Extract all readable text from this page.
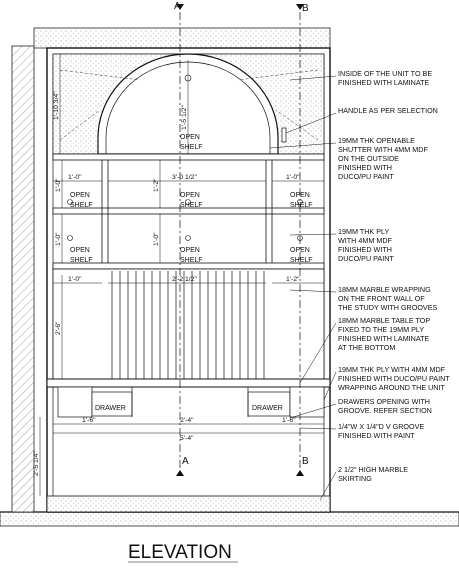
A	B
A	B
OPEN
SHELF
OPEN
SHELF
OPEN
SHELF
OPEN
SHELF
OPEN
SHELF
OPEN
SHELF
OPEN
SHELF
DRAWER	DRAWER
1'-10 3/4"	1'-5 1/2"
1'-0"
1'-0"
1'-2"
3'-0 1/2"	1'-0"
1'-0"	1'-0"
1'-0"	2'-2 1/2"	1'-2"
2'-6"
1'-6"	2'-4"	1'-6"
5'-4"
2'-5 1/4"
INSIDE OF THE UNIT TO BE FINISHED WITH LAMINATE
HANDLE AS PER SELECTION
19MM THK OPENABLE SHUTTER WITH 4MM MDF ON THE OUTSIDE FINISHED WITH DUCO/PU PAINT
19MM THK PLY WITH 4MM MDF FINISHED WITH DUCO/PU PAINT
18MM MARBLE WRAPPING ON THE FRONT WALL OF THE STUDY WITH GROOVES
18MM MARBLE TABLE TOP FIXED TO THE 19MM PLY FINISHED WITH LAMINATE AT THE BOTTOM
19MM THK PLY WITH 4MM MDF FINISHED WITH DUCO/PU PAINT WRAPPING AROUND THE UNIT
DRAWERS OPENING WITH GROOVE. REFER SECTION
1/4"W X 1/4"D V GROOVE FINISHED WITH PAINT
2 1/2" HIGH MARBLE SKIRTING
ELEVATION
